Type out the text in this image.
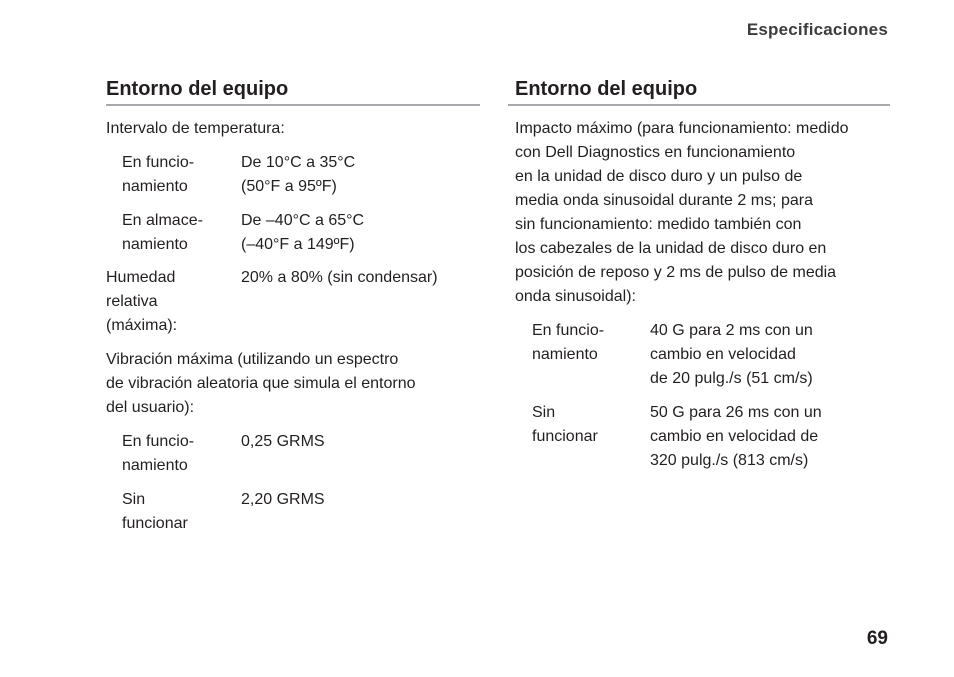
Especificaciones
Entorno del equipo

Intervalo de temperatura:

En funcio-
namiento
De 10°C a 35°C
(50°F a 95ºF)
En almace-
namiento
De –40°C a 65°C
(–40°F a 149ºF)
Humedad
relativa
(máxima):
20% a 80% (sin condensar)

Vibración máxima (utilizando un espectro
de vibración aleatoria que simula el entorno
del usuario):

En funcio-
namiento
0,25 GRMS
Sin
funcionar
2,20 GRMS
Entorno del equipo

Impacto máximo (para funcionamiento: medido
con Dell Diagnostics en funcionamiento
en la unidad de disco duro y un pulso de
media onda sinusoidal durante 2 ms; para
sin funcionamiento: medido también con
los cabezales de la unidad de disco duro en
posición de reposo y 2 ms de pulso de media
onda sinusoidal):

En funcio-
namiento
40 G para 2 ms con un
cambio en velocidad
de 20 pulg./s (51 cm/s)
Sin
funcionar
50 G para 26 ms con un
cambio en velocidad de
320 pulg./s (813 cm/s)
69
